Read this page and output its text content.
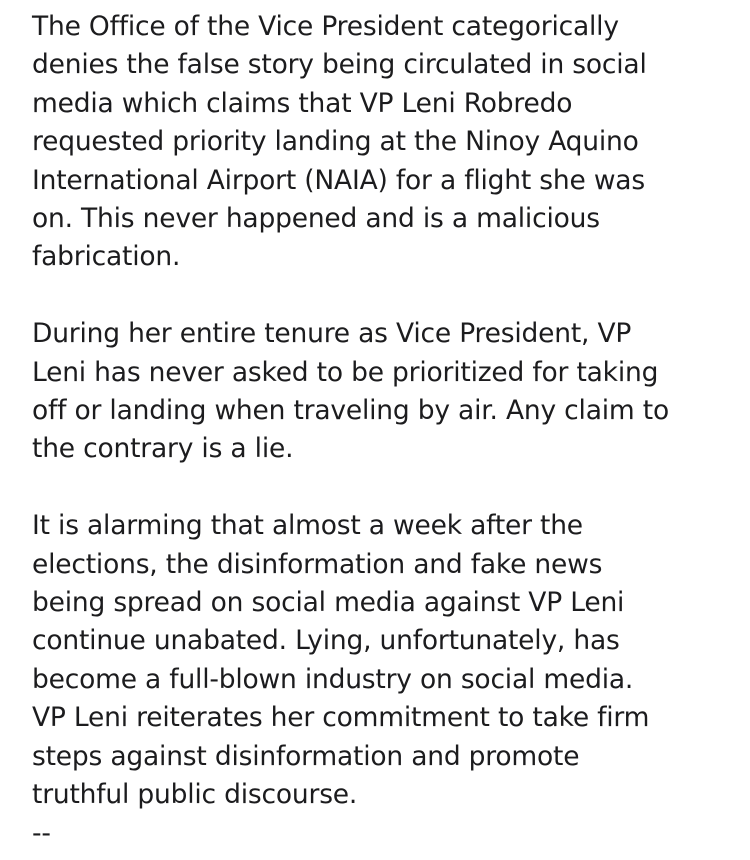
The Office of the Vice President categorically
denies the false story being circulated in social
media which claims that VP Leni Robredo
requested priority landing at the Ninoy Aquino
International Airport (NAIA) for a flight she was
on. This never happened and is a malicious
fabrication.
During her entire tenure as Vice President, VP
Leni has never asked to be prioritized for taking
off or landing when traveling by air. Any claim to
the contrary is a lie.
It is alarming that almost a week after the
elections, the disinformation and fake news
being spread on social media against VP Leni
continue unabated. Lying, unfortunately, has
become a full-blown industry on social media.
VP Leni reiterates her commitment to take firm
steps against disinformation and promote
truthful public discourse.
--
